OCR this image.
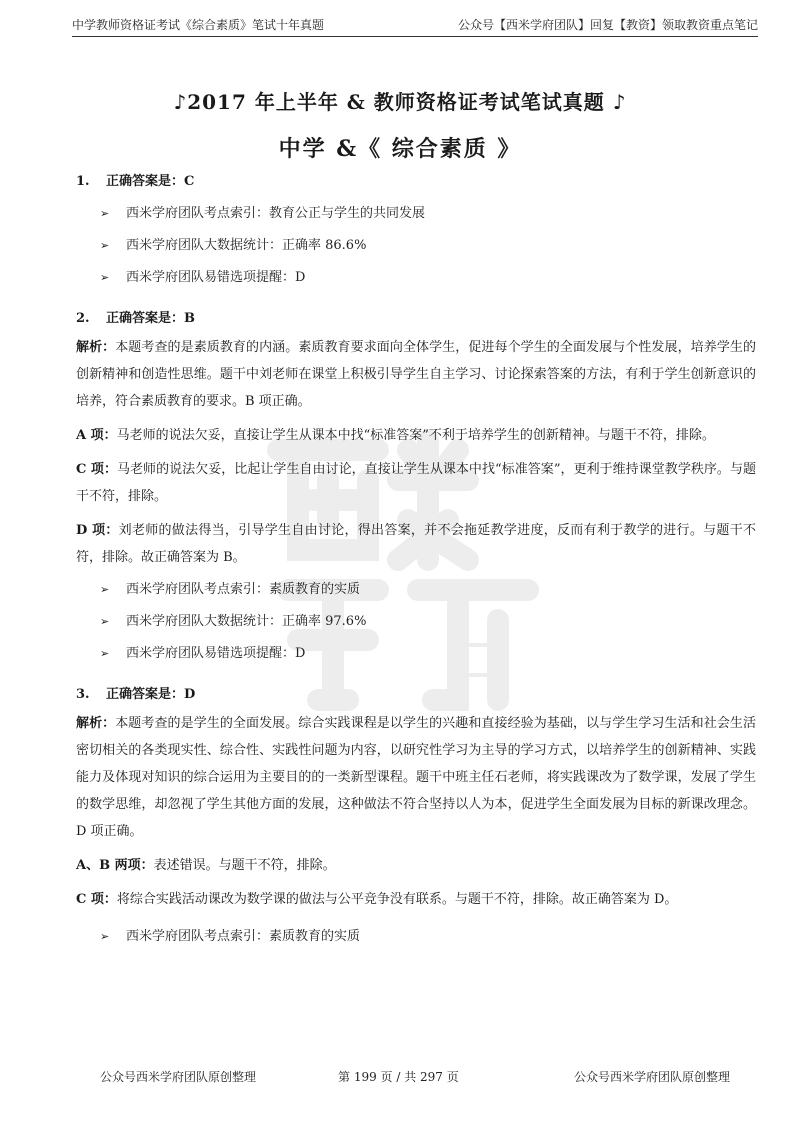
中学教师资格证考试《综合素质》笔试十年真题	公众号【西米学府团队】回复【教资】领取教资重点笔记
♪2017 年上半年 & 教师资格证考试笔试真题 ♪
中学 &《 综合素质 》
1. 正确答案是：C
➢ 西米学府团队考点索引：教育公正与学生的共同发展
➢ 西米学府团队大数据统计：正确率 86.6%
➢ 西米学府团队易错选项提醒：D
2. 正确答案是：B
解析：本题考查的是素质教育的内涵。素质教育要求面向全体学生，促进每个学生的全面发展与个性发展，培养学生的创新精神和创造性思维。题干中刘老师在课堂上积极引导学生自主学习、讨论探索答案的方法，有利于学生创新意识的培养，符合素质教育的要求。B 项正确。
A 项：马老师的说法欠妥，直接让学生从课本中找“标准答案”不利于培养学生的创新精神。与题干不符，排除。
C 项：马老师的说法欠妥，比起让学生自由讨论，直接让学生从课本中找“标准答案”，更利于维持课堂教学秩序。与题干不符，排除。
D 项：刘老师的做法得当，引导学生自由讨论，得出答案，并不会拖延教学进度，反而有利于教学的进行。与题干不符，排除。故正确答案为 B。
➢ 西米学府团队考点索引：素质教育的实质
➢ 西米学府团队大数据统计：正确率 97.6%
➢ 西米学府团队易错选项提醒：D
3. 正确答案是：D
解析：本题考查的是学生的全面发展。综合实践课程是以学生的兴趣和直接经验为基础，以与学生学习生活和社会生活密切相关的各类现实性、综合性、实践性问题为内容，以研究性学习为主导的学习方式，以培养学生的创新精神、实践能力及体现对知识的综合运用为主要目的的一类新型课程。题干中班主任石老师，将实践课改为了数学课，发展了学生的数学思维，却忽视了学生其他方面的发展，这种做法不符合坚持以人为本，促进学生全面发展为目标的新课改理念。D 项正确。
A、B 两项：表述错误。与题干不符，排除。
C 项：将综合实践活动课改为数学课的做法与公平竞争没有联系。与题干不符，排除。故正确答案为 D。
➢ 西米学府团队考点索引：素质教育的实质
公众号西米学府团队原创整理	第 199 页 / 共 297 页	公众号西米学府团队原创整理
